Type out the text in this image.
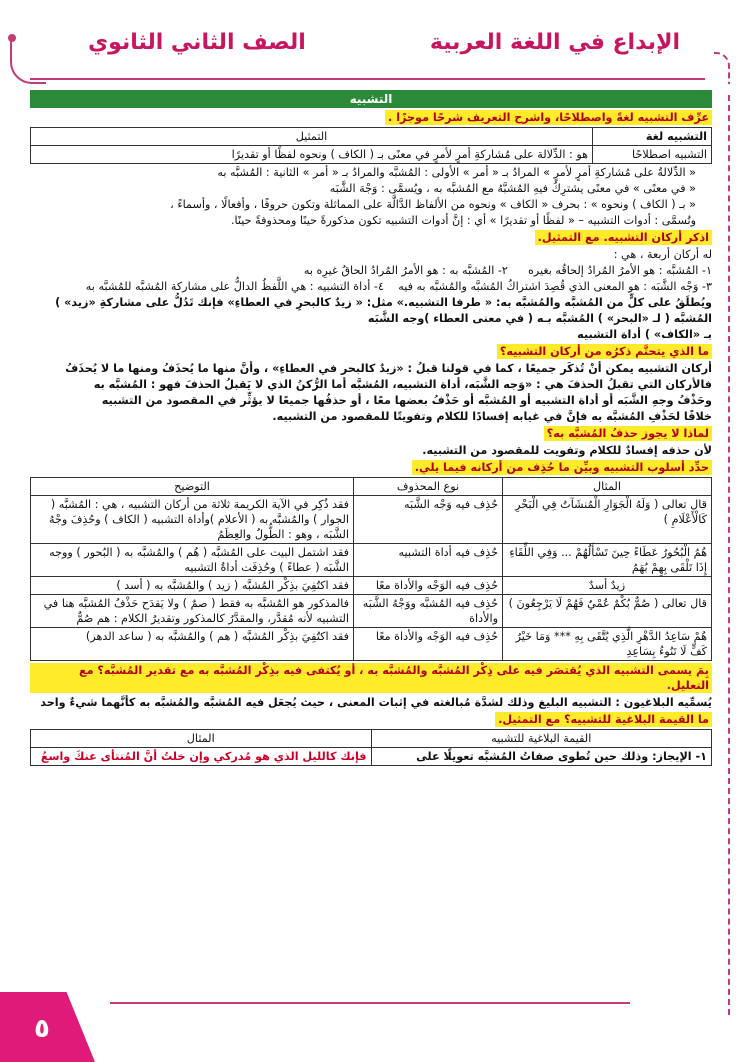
الإبداع في اللغة العربية
الصف الثاني الثانوي
التشبيه
عرِّف التشبيه لغةً واصطلاحًا، واشرح التعريف شرحًا موجزًا .
التشبيه لغة	التمثيل
التشبيه اصطلاحًا	هو : الدِّلالة على مُشاركةِ أمرٍ لأمرٍ في معنًى بـ ( الكاف ) ونحوه لفظًا أو تقديرًا
« الدِّلالةُ على مُشاركةِ أمرٍ لأمرٍ » المرادُ بـ « أمر » الأولى : المُشبَّه والمرادُ بـ « أمر » الثانية : المُشبَّه به
« في معنًى » في معنًى يشترِكُ فيهِ المُشبَّهُ مع المُشبَّه به ، ويُسمَّى : وَجْهَ الشَّبَه
« بـ ( الكاف ) ونحوه » : بحرف « الكاف » ونحوه من الألفاظ الدَّالَّة على المماثلة وتكون حروفًا ، وأفعالًا ، وأسماءً ،
وتُسمَّى : أدوات التشبيه – « لفظًا أو تقديرًا » أي : إنَّ أدوات التشبيه تكون مذكورةً حينًا ومحذوفةً حينًا.
اذكر أركان التشبيه. مع التمثيل.
له أركان أربعة ، هي :
١- المُشبَّه : هو الأمرُ المُرادُ إلحاقُه بغيره
٢- المُشبَّه به : هو الأمرُ المُرادُ الحاقُ غيرِه به
٣- وَجْه الشَّبَه : هو المعنى الذي قُصِدَ اشتراكُ المُشبَّه والمُشبَّه به فيه    ٤- أداة التشبيه : هي اللَّفظُ الدالُّ على مشاركة المُشبَّه للمُشبَّه به
ويُطلَقُ على كلٍّ من المُشبَّه والمُشبَّه به: « طرفا التشبيه.» مثل: « زيدٌ كالبحرِ في العطاءِ» فإنك تَدُلُّ على مشاركةِ «زيد» )
المُشبَّه ( لـ «البحر» ) المُشبَّه بـه ( في معنى العطاء )وجه الشَّبَه
بـ «الكاف» ) أداة التشبيه
ما الذي يتحتَّم ذكرُه من أركان التشبيه؟
أركان التشبيه يمكن أنْ تُذكَر جميعًا ، كما في قولنا قبلُ : «زيدٌ كالبحر في العطاءِ» ، وأنَّ منها ما يُحذَفُ ومنها ما لا يُحذَفُ
فالأركان التي تقبلُ الحذفَ هي : «وَجه الشَّبَه، أداة التشبيه، المُشبَّه أما الرُّكنُ الذي لا يَقبلُ الحذفَ فهو : المُشبَّه به
وحَذْفُ وجهِ الشَّبَه أو أداة التشبيه أو المُشبَّه أو حَذْفُ بعضها معًا ، أو حذفُها جميعًا لا يؤثِّر في المقصود من التشبيه
خلافًا لحَذْفِ المُشبَّه به فإنَّ في غيابه إفسادًا للكلام وتفويتًا للمقصود من التشبيه.
لماذا لا يجوز حذفُ المُشبَّه به؟
لأن حذفه إفسادٌ للكلام وتفويت للمقصود من التشبيه.
حدِّد أسلوب التشبيه وبيِّن ما حُذِف من أركانه فيما يلي.
المثال	نوع المحذوف	التوضيح
قال تعالى ( وَلَهُ الْجَوَارِ الْمُنشَآتُ فِي الْبَحْرِ كَالْأَعْلَامِ )	حُذِف فيه وَجْه الشَّبَه	فقد ذُكِر في الآية الكريمة ثلاثة من أركان التشبيه ، هي : المُشبَّه ( الجوار ) والمُشبَّه به ( الأعلام )وأداة التشبيه ( الكاف ) وحُذِفَ وجْهُ الشَّبَه ، وهو : الطُّولُ والعِظَمُ
هُمُ الْبُحُورُ عَطَاءً حِينَ تَسْأَلُهُمْ ... وَفِي اللِّقَاءِ إِذَا تَلْقَى بِهِمْ بُهَمُ	حُذِف فيه أداة التشبيه	فقد اشتمل البيت على المُشبَّه ( هُم ) والمُشبَّه به ( البُحور ) ووجه الشَّبَه ( عطاءً ) وحُذِفَت أداةُ التشبيه
زيدٌ أسدٌ	حُذِف فيه الوَجْه والأداة معًا	فقد اكتُفِيَ بذِكْر المُشبَّه ( زيد ) والمُشبَّه به ( أسد )
قال تعالى ( صُمٌّ بُكْمٌ عُمْيٌ فَهُمْ لَا يَرْجِعُونَ )	حُذِف فيه المُشبَّه ووَجْهُ الشَّبَه والأداة	فالمذكور هو المُشبَّه به فقط ( صمٌ ) ولا يَقدَح حَذْفُ المُشبَّه هنا في التشبيه لأنه مُقدَّر، والمقدَّرُ كالمذكور وتقديرُ الكلام : هم صُمٌّ
هُمْ سَاعِدُ الدَّهْرِ الَّذِي يُتَّقَى بِهِ *** وَمَا خَيْرُ كَفٍّ لَا تَنُوءُ بِسَاعِدِ	حُذِف فيه الوَجْه والأداة معًا	فقد اكتُفِيَ بذِكْر المُشبَّه ( هم ) والمُشبَّه به ( ساعد الدهر)
بِمَ يسمى التشبيه الذي يُقتصَر فيه على ذِكْر المُشبَّه والمُشبَّه به ، أو يُكتفى فيه بذِكْر المُشبَّه به مع تقدير المُشبَّه؟ مع التعليل.
يُسمِّيه البلاغيون : التشبيه البليغ وذلك لشدَّة مُبالغته في إثبات المعنى ، حيث يُجعَل فيه المُشبَّه والمُشبَّه به كأنَّهما شيءٌ واحد
ما القيمة البلاغية للتشبيه؟ مع التمثيل.
القيمة البلاغية للتشبيه	المثال
١- الإيجاز: وذلك حين تُطوى صفاتُ المُشبَّه تعويلًا على	فإنك كالليل الذي هو مُدركي وإن خلتُ أنَّ المُنتأى عنكَ واسعُ
٥
